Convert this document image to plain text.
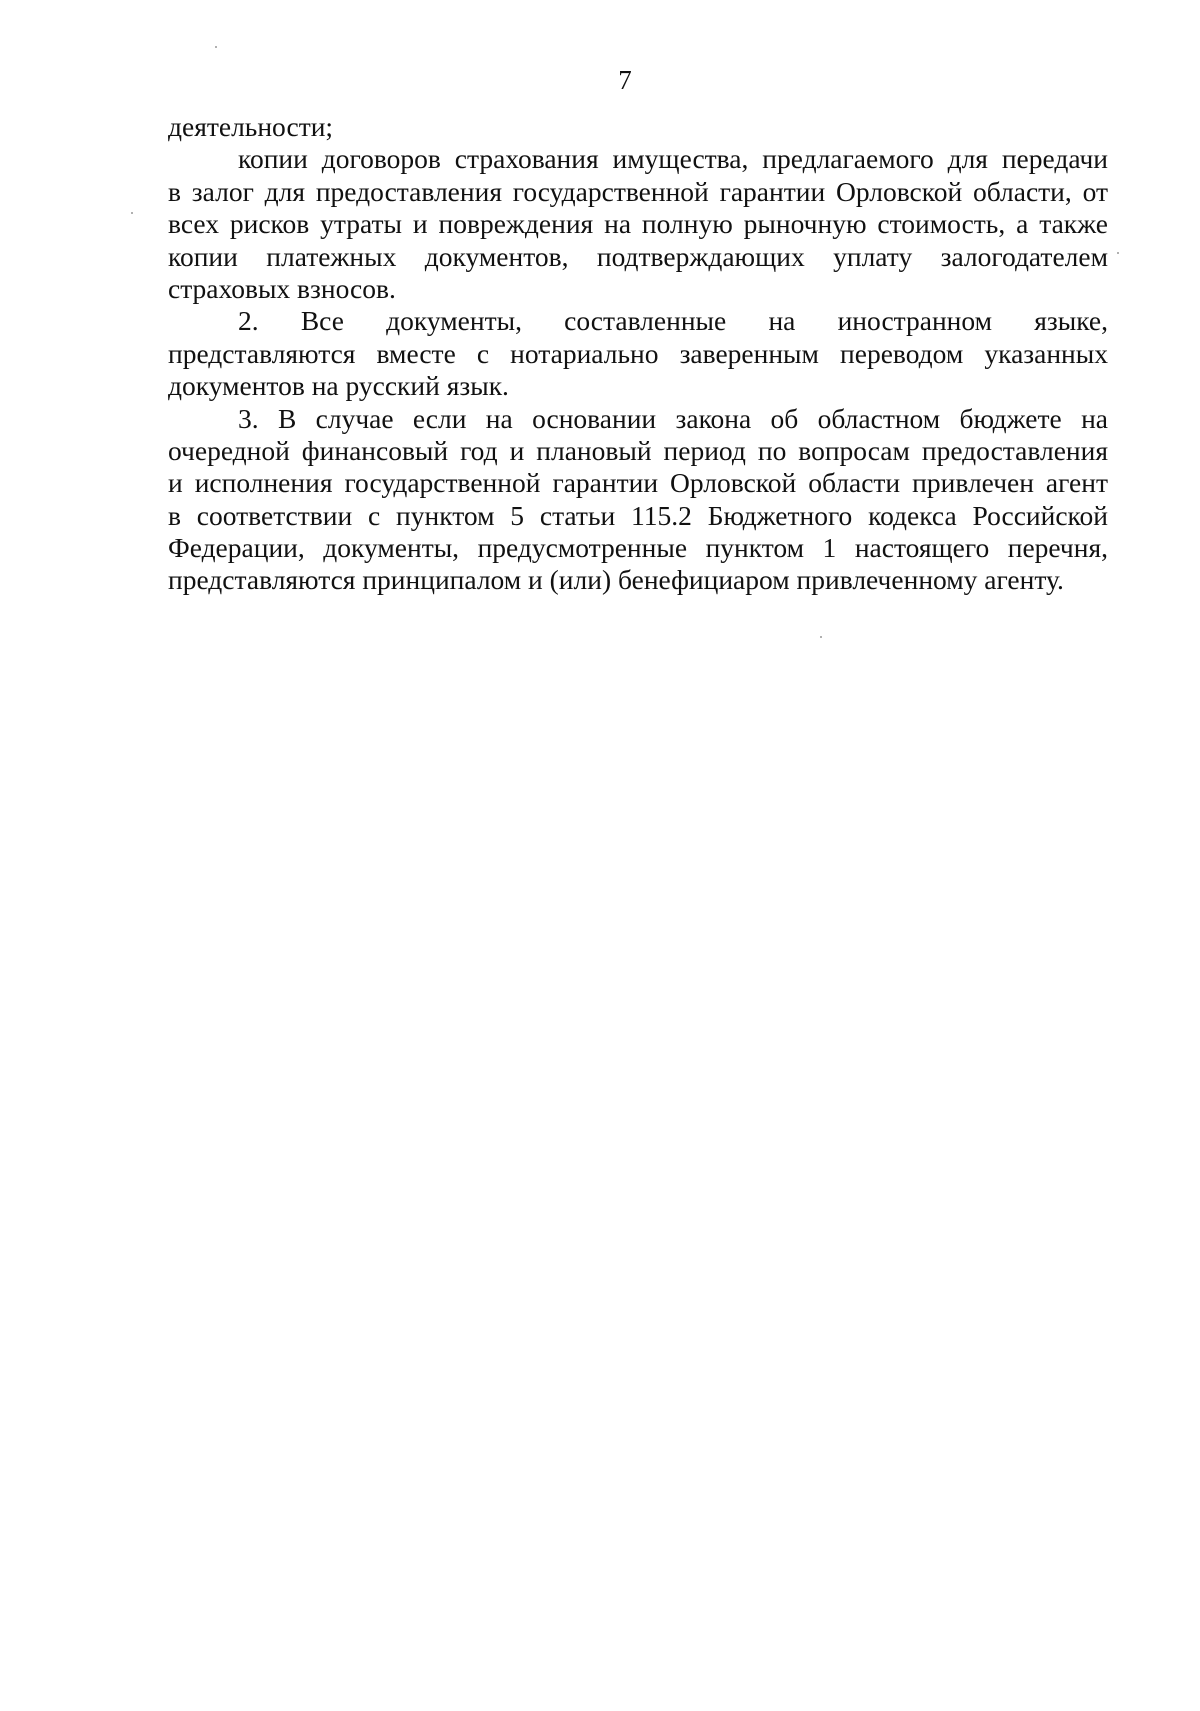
7
деятельности;
копии договоров страхования имущества, предлагаемого для передачи
в залог для предоставления государственной гарантии Орловской области, от
всех рисков утраты и повреждения на полную рыночную стоимость, а также
копии платежных документов, подтверждающих уплату залогодателем
страховых взносов.
2. Все документы, составленные на иностранном языке,
представляются вместе с нотариально заверенным переводом указанных
документов на русский язык.
3. В случае если на основании закона об областном бюджете на
очередной финансовый год и плановый период по вопросам предоставления
и исполнения государственной гарантии Орловской области привлечен агент
в соответствии с пунктом 5 статьи 115.2 Бюджетного кодекса Российской
Федерации, документы, предусмотренные пунктом 1 настоящего перечня,
представляются принципалом и (или) бенефициаром привлеченному агенту.
